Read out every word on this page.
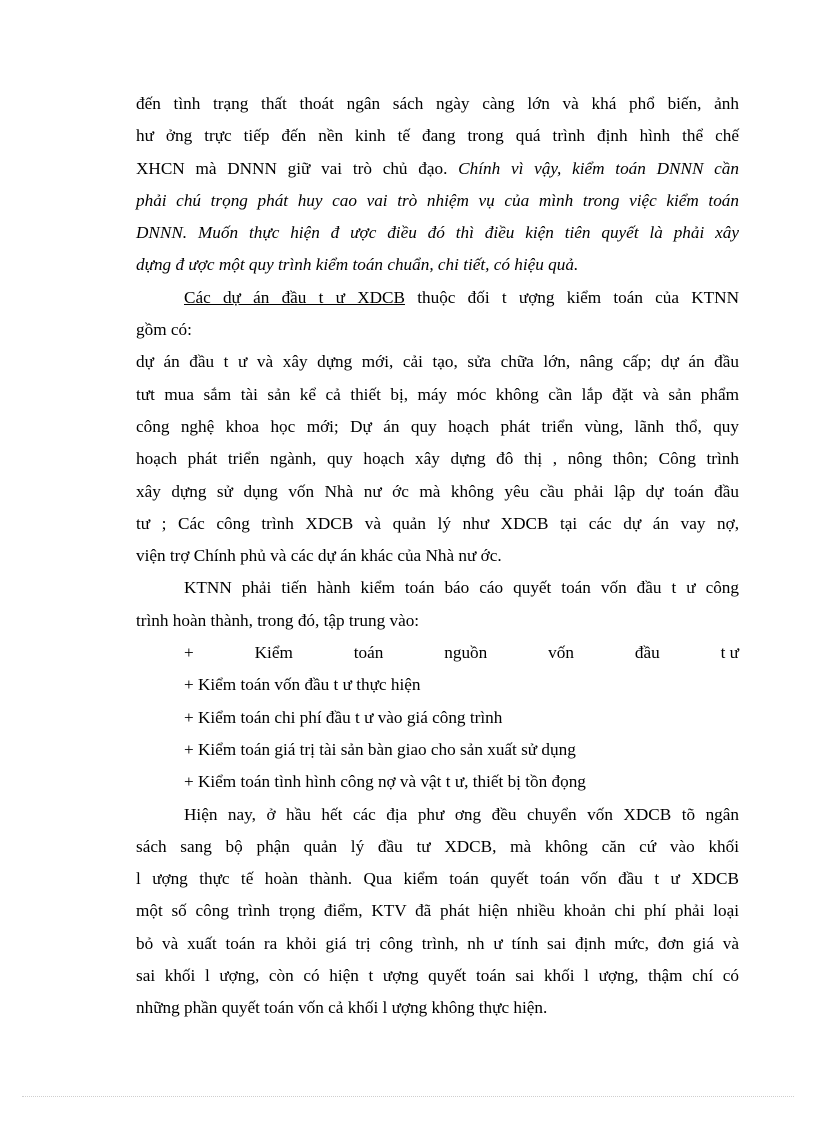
đến tình trạng thất thoát ngân sách ngày càng lớn và khá phổ biến, ảnh
hư ởng trực tiếp đến nền kinh tế đang trong quá trình định hình thể chế
XHCN mà DNNN giữ vai trò chủ đạo. Chính vì vậy, kiểm toán DNNN cần
phải chú trọng phát huy cao vai trò nhiệm vụ của mình trong việc kiểm toán
DNNN. Muốn thực hiện đ ược điều đó thì điều kiện tiên quyết là phải xây
dựng đ ược một quy trình kiểm toán chuẩn, chi tiết, có hiệu quả.
Các dự án đầu t ư XDCB thuộc đối t ượng kiểm toán của KTNN
gồm có:
dự án đầu t ư và xây dựng mới, cải tạo, sửa chữa lớn, nâng cấp; dự án đầu
tưt mua sắm tài sản kể cả thiết bị, máy móc không cần lắp đặt và sản phẩm
công nghệ khoa học mới; Dự án quy hoạch phát triển vùng, lãnh thổ, quy
hoạch phát triển ngành, quy hoạch xây dựng đô thị , nông thôn; Công trình
xây dựng sử dụng vốn Nhà nư ớc mà không yêu cầu phải lập dự toán đầu
tư ; Các công trình XDCB và quản lý như XDCB tại các dự án vay nợ,
viện trợ Chính phủ và các dự án khác của Nhà nư ớc.
KTNN phải tiến hành kiểm toán báo cáo quyết toán vốn đầu t ư công
trình hoàn thành, trong đó, tập trung vào:
+	Kiểm	toán	nguồn	vốn	đầu	t ư
+ Kiểm toán vốn đầu t ư thực hiện
+ Kiểm toán chi phí đầu t ư vào giá công trình
+ Kiểm toán giá trị tài sản bàn giao cho sản xuất sử dụng
+ Kiểm toán tình hình công nợ và vật t ư, thiết bị tồn đọng
Hiện nay, ở hầu hết các địa phư ơng đều chuyển vốn XDCB tõ ngân
sách sang bộ phận quản lý đầu tư XDCB, mà không căn cứ vào khối
l ượng thực tế hoàn thành. Qua kiểm toán quyết toán vốn đầu t ư XDCB
một số công trình trọng điểm, KTV đã phát hiện nhiều khoản chi phí phải loại
bỏ và xuất toán ra khỏi giá trị công trình, nh ư tính sai định mức, đơn giá và
sai khối l ượng, còn có hiện t ượng quyết toán sai khối l ượng, thậm chí có
những phần quyết toán vốn cả khối l ượng không thực hiện.
